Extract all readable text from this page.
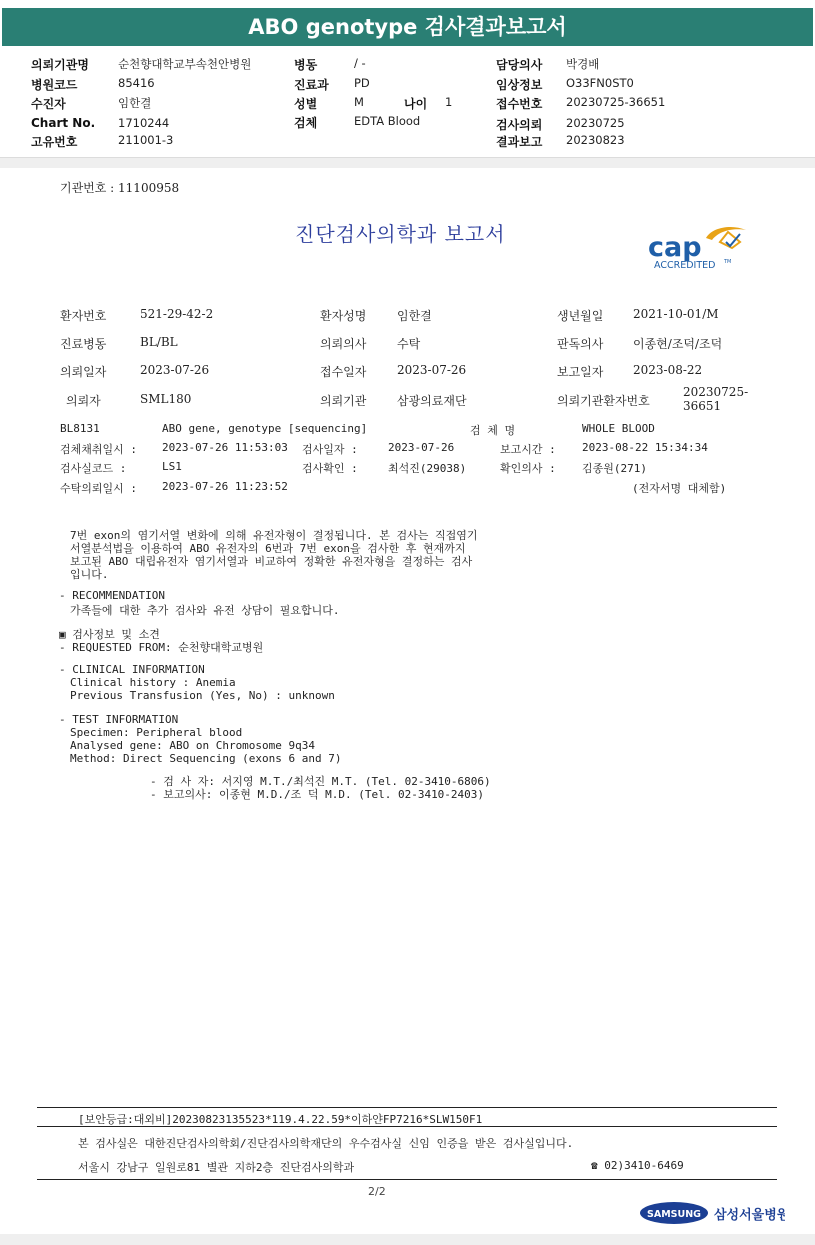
ABO genotype 검사결과보고서
의뢰기관명	순천향대학교부속천안병원
병원코드	85416
수진자	임한결
Chart No. 1710244
고유번호	211001-3
병동	/ -
진료과 PD
성별	M	나이 1
검체	EDTA Blood
담당의사 박경배
임상정보 O33FN0ST0
접수번호 20230725-36651
검사의뢰 20230725
결과보고 20230823
기관번호 : 11100958
진단검사의학과 보고서	cap
ACCREDITED TM
환자번호	521-29-42-2	환자성명	임한결	생년월일 2021-10-01/M
진료병동	BL/BL	의뢰의사	수탁	판독의사 이종현/조덕/조덕
의뢰일자	2023-07-26	접수일자	2023-07-26	보고일자 2023-08-22
의뢰자	SML180	의뢰기관	삼광의료재단	의뢰기관환자번호
20230725-
36651
BL8131	ABO gene, genotype [sequencing]	검 체 명	WHOLE BLOOD
검체채취일시 : 2023-07-26 11:53:03 검사일자 :	2023-07-26	보고시간 : 2023-08-22 15:34:34
검사실코드 :	LS1	검사확인 :	최석진(29038)	확인의사 : 김종원(271)
수탁의뢰일시 : 2023-07-26 11:23:52	(전자서명 대체함)
7번 exon의 염기서열 변화에 의해 유전자형이 결정됩니다. 본 검사는 직접염기
서열분석법을 이용하여 ABO 유전자의 6번과 7번 exon을 검사한 후 현재까지
보고된 ABO 대립유전자 염기서열과 비교하여 정확한 유전자형을 결정하는 검사
입니다.
- RECOMMENDATION
가족들에 대한 추가 검사와 유전 상담이 필요합니다.
▣ 검사정보 및 소견
- REQUESTED FROM: 순천향대학교병원
- CLINICAL INFORMATION
Clinical history : Anemia
Previous Transfusion (Yes, No) : unknown
- TEST INFORMATION
Specimen: Peripheral blood
Analysed gene: ABO on Chromosome 9q34
Method: Direct Sequencing (exons 6 and 7)
- 검 사 자: 서지영 M.T./최석진 M.T. (Tel. 02-3410-6806)
- 보고의사: 이종현 M.D./조 덕 M.D. (Tel. 02-3410-2403)
[보안등급:대외비]20230823135523*119.4.22.59*이하얀FP7216*SLW150F1
본 검사실은 대한진단검사의학회/진단검사의학재단의 우수검사실 신임 인증을 받은 검사실입니다.
서울시 강남구 일원로81 별관 지하2층 진단검사의학과	☎ 02)3410-6469
2/2
SAMSUNG 삼성서울병원
